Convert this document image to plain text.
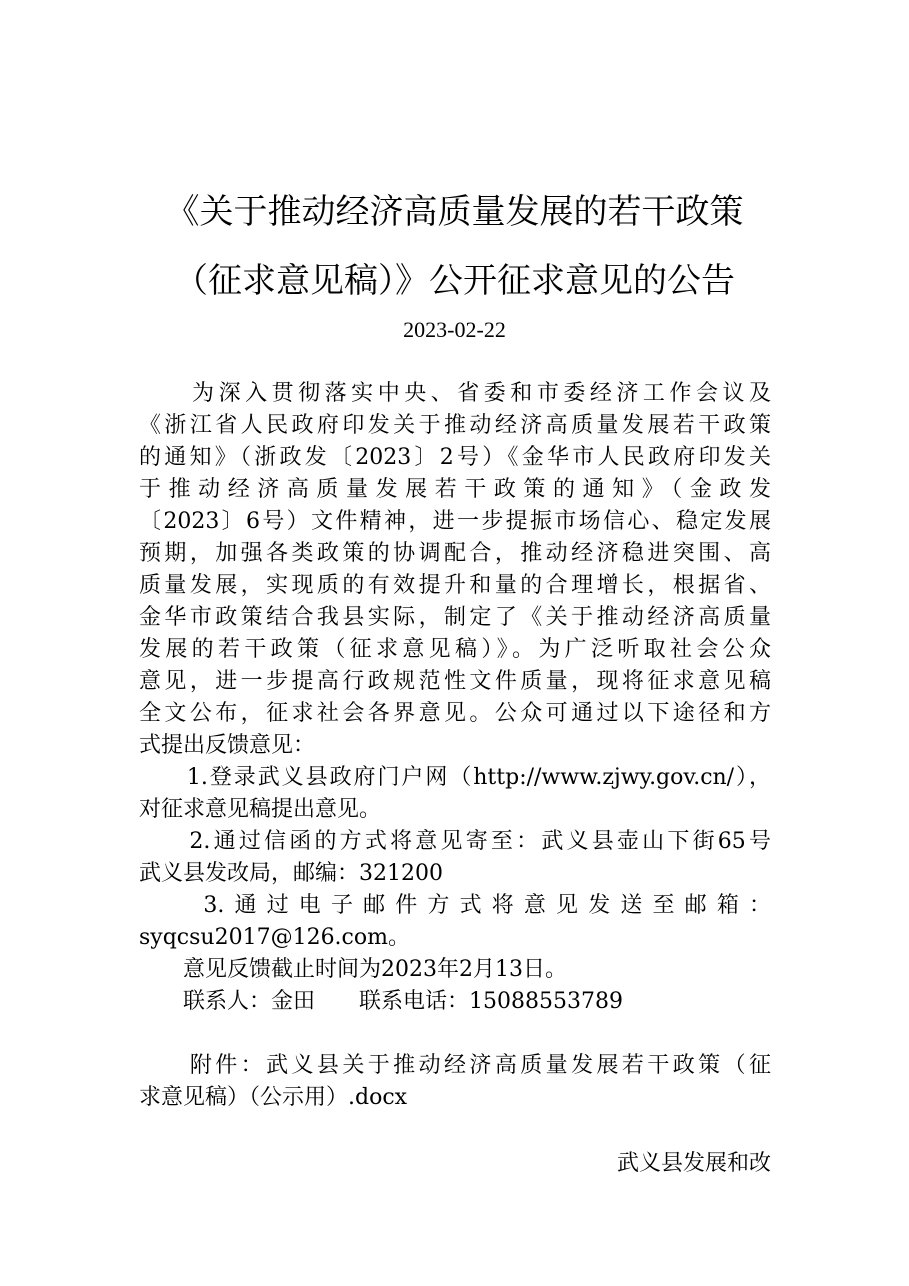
《关于推动经济高质量发展的若干政策
（征求意见稿）》公开征求意见的公告
2023-02-22
　　为深入贯彻落实中央、省委和市委经济工作会议及
《浙江省人民政府印发关于推动经济高质量发展若干政策
的通知》（浙政发〔2023〕2号）《金华市人民政府印发关
于推动经济高质量发展若干政策的通知》（金政发
〔2023〕6号）文件精神，进一步提振市场信心、稳定发展
预期，加强各类政策的协调配合，推动经济稳进突围、高
质量发展，实现质的有效提升和量的合理增长，根据省、
金华市政策结合我县实际，制定了《关于推动经济高质量
发展的若干政策（征求意见稿）》。为广泛听取社会公众
意见，进一步提高行政规范性文件质量，现将征求意见稿
全文公布，征求社会各界意见。公众可通过以下途径和方
式提出反馈意见：
　　1.登录武义县政府门户网（http://www.zjwy.gov.cn/），
对征求意见稿提出意见。
　　2.通过信函的方式将意见寄至：武义县壶山下街65号
武义县发改局，邮编：321200
　　3.通过电子邮件方式将意见发送至邮箱：
syqcsu2017@126.com。
　　意见反馈截止时间为2023年2月13日。
　　联系人：金田　　联系电话：15088553789
　　附件：武义县关于推动经济高质量发展若干政策（征
求意见稿）（公示用）.docx
武义县发展和改
